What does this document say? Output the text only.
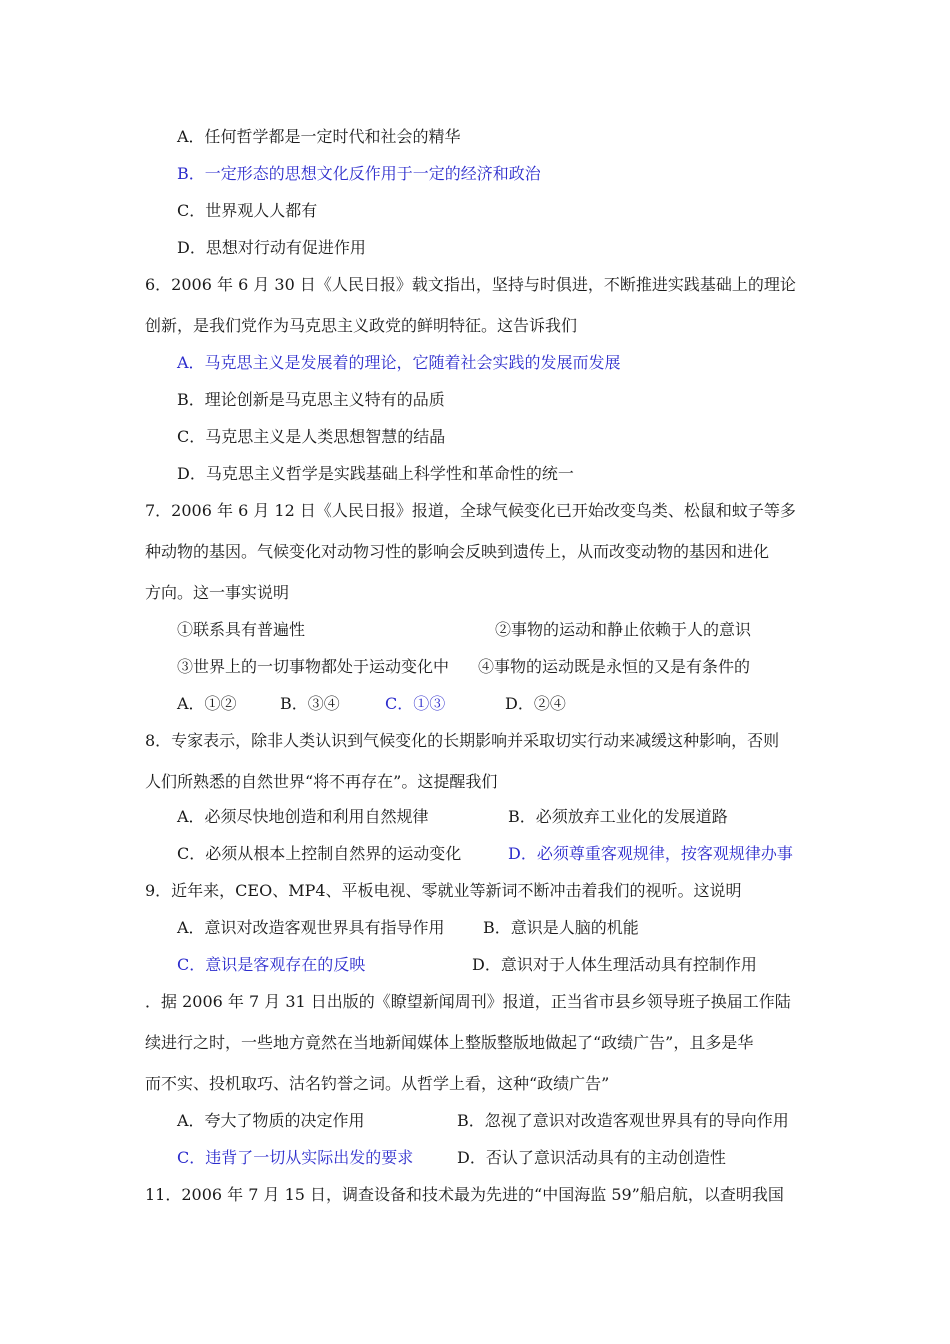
A．任何哲学都是一定时代和社会的精华
B．一定形态的思想文化反作用于一定的经济和政治
C．世界观人人都有
D．思想对行动有促进作用
6．2006 年 6 月 30 日《人民日报》载文指出，坚持与时俱进，不断推进实践基础上的理论
创新，是我们党作为马克思主义政党的鲜明特征。这告诉我们
A．马克思主义是发展着的理论，它随着社会实践的发展而发展
B．理论创新是马克思主义特有的品质
C．马克思主义是人类思想智慧的结晶
D．马克思主义哲学是实践基础上科学性和革命性的统一
7．2006 年 6 月 12 日《人民日报》报道，全球气候变化已开始改变鸟类、松鼠和蚊子等多
种动物的基因。气候变化对动物习性的影响会反映到遗传上，从而改变动物的基因和进化
方向。这一事实说明
①联系具有普遍性	②事物的运动和静止依赖于人的意识
③世界上的一切事物都处于运动变化中 ④事物的运动既是永恒的又是有条件的
A．①②	B．③④	C．①③	D．②④
8．专家表示，除非人类认识到气候变化的长期影响并采取切实行动来减缓这种影响，否则
人们所熟悉的自然世界“将不再存在”。这提醒我们
A．必须尽快地创造和利用自然规律	B．必须放弃工业化的发展道路
C．必须从根本上控制自然界的运动变化	D．必须尊重客观规律，按客观规律办事
9．近年来，CEO、MP4、平板电视、零就业等新词不断冲击着我们的视听。这说明
A．意识对改造客观世界具有指导作用 B．意识是人脑的机能
C．意识是客观存在的反映	D．意识对于人体生理活动具有控制作用
．据 2006 年 7 月 31 日出版的《瞭望新闻周刊》报道，正当省市县乡领导班子换届工作陆
续进行之时，一些地方竟然在当地新闻媒体上整版整版地做起了“政绩广告”，且多是华
而不实、投机取巧、沽名钓誉之词。从哲学上看，这种“政绩广告”
A．夸大了物质的决定作用	B．忽视了意识对改造客观世界具有的导向作用
C．违背了一切从实际出发的要求	D．否认了意识活动具有的主动创造性
11．2006 年 7 月 15 日，调查设备和技术最为先进的“中国海监 59”船启航，以查明我国
